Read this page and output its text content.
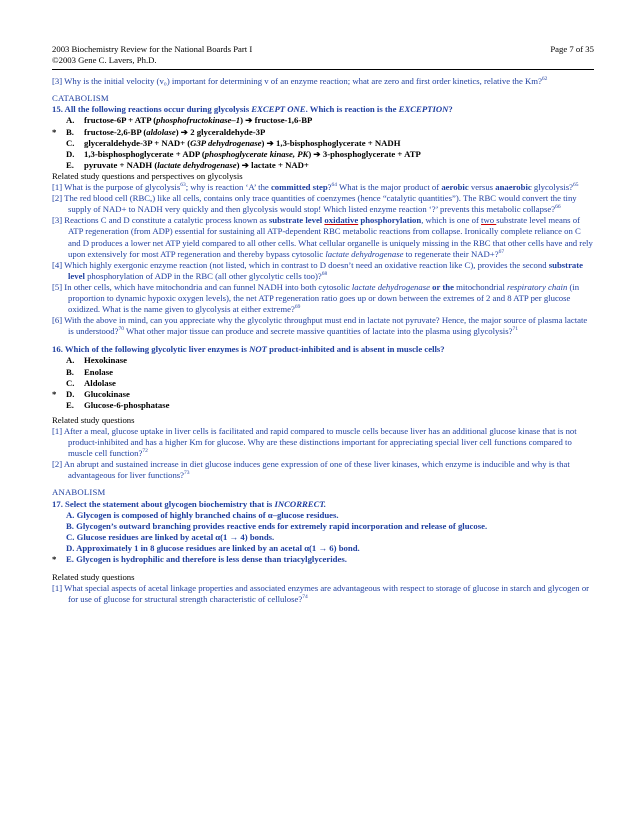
2003 Biochemistry Review for the National Boards Part I	Page 7 of 35
©2003 Gene C. Lavers, Ph.D.
[3] Why is the initial velocity (v₀) important for determining v of an enzyme reaction; what are zero and first order kinetics, relative the Km?$^{62}$
CATABOLISM
15. All the following reactions occur during glycolysis EXCEPT ONE. Which is reaction is the EXCEPTION?
A.	fructose-6P + ATP (phosphofructokinase–1) ➔ fructose-1,6-BP
*	B.	fructose-2,6-BP (aldolase) ➔ 2 glyceraldehyde-3P
C.	glyceraldehyde-3P + NAD+ (G3P dehydrogenase) ➔ 1,3-bisphosphoglycerate + NADH
D.	1,3-bisphosphoglycerate + ADP (phosphoglycerate kinase, PK) ➔ 3-phosphoglycerate + ATP
E.	pyruvate + NADH (lactate dehydrogenase) ➔ lactate + NAD+
Related study questions and perspectives on glycolysis
[1] What is the purpose of glycolysis$^{63}$; why is reaction ‘A’ the committed step?$^{64}$ What is the major product of aerobic versus anaerobic glycolysis?$^{65}$
[2] The red blood cell (RBC,) like all cells, contains only trace quantities of coenzymes (hence “catalytic quantities”). The RBC would convert the tiny supply of NAD+ to NADH very quickly and then glycolysis would stop! Which listed enzyme reaction ‘?’ prevents this metabolic collapse?$^{66}$
[3] Reactions C and D constitute a catalytic process known as substrate level oxidative phosphorylation, which is one of two substrate level means of ATP regeneration (from ADP) essential for sustaining all ATP-dependent RBC metabolic reactions from collapse. Ironically complete reliance on C and D produces a lower net ATP yield compared to all other cells. What cellular organelle is uniquely missing in the RBC that other cells have and rely upon extensively for most ATP regeneration and thereby bypass cytosolic lactate dehydrogenase to regenerate their NAD+?$^{67}$
[4] Which highly exergonic enzyme reaction (not listed, which in contrast to D doesn’t need an oxidative reaction like C), provides the second substrate level phosphorylation of ADP in the RBC (all other glycolytic cells too)?$^{68}$
[5] In other cells, which have mitochondria and can funnel NADH into both cytosolic lactate dehydrogenase or the mitochondrial respiratory chain (in proportion to dynamic hypoxic oxygen levels), the net ATP regeneration ratio goes up or down between the extremes of 2 and 8 ATP per glucose oxidized. What is the name given to glycolysis at either extreme?$^{69}$
[6] With the above in mind, can you appreciate why the glycolytic throughput must end in lactate not pyruvate? Hence, the major source of plasma lactate is understood?$^{70}$ What other major tissue can produce and secrete massive quantities of lactate into the plasma using glycolysis?$^{71}$
16. Which of the following glycolytic liver enzymes is NOT product-inhibited and is absent in muscle cells?
A.	Hexokinase
B.	Enolase
C.	Aldolase
*	D.	Glucokinase
E.	Glucose-6-phosphatase
Related study questions
[1] After a meal, glucose uptake in liver cells is facilitated and rapid compared to muscle cells because liver has an additional glucose kinase that is not product-inhibited and has a higher Km for glucose. Why are these distinctions important for appreciating special liver cell functions compared to muscle cell function?$^{72}$
[2] An abrupt and sustained increase in diet glucose induces gene expression of one of these liver kinases, which enzyme is inducible and why is that advantageous for liver functions?$^{73}$
ANABOLISM
17. Select the statement about glycogen biochemistry that is INCORRECT.
A. Glycogen is composed of highly branched chains of α–glucose residues.
B. Glycogen’s outward branching provides reactive ends for extremely rapid incorporation and release of glucose.
C. Glucose residues are linked by acetal α(1 → 4) bonds.
D. Approximately 1 in 8 glucose residues are linked by an acetal α(1 → 6) bond.
*	E. Glycogen is hydrophilic and therefore is less dense than triacylglycerides.
Related study questions
[1] What special aspects of acetal linkage properties and associated enzymes are advantageous with respect to storage of glucose in starch and glycogen or for use of glucose for structural strength characteristic of cellulose?$^{74}$
